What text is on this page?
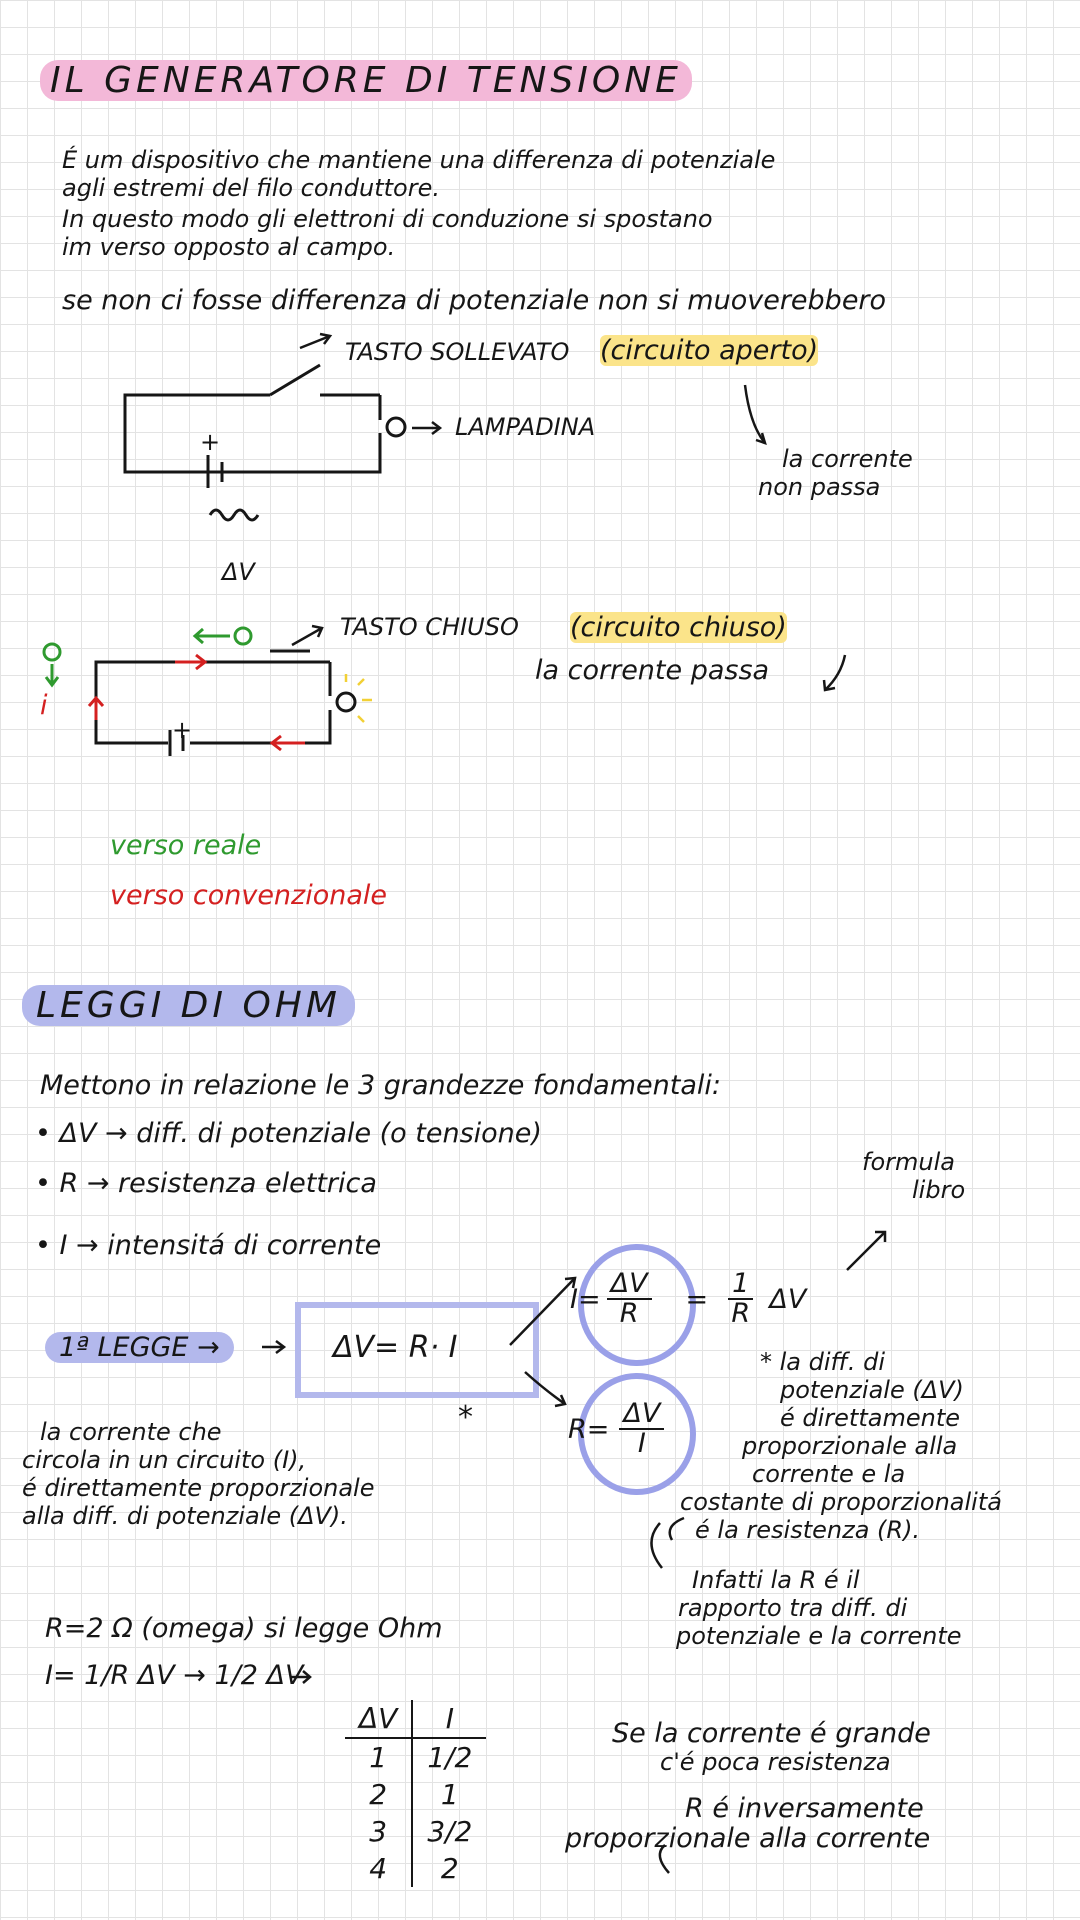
IL GENERATORE DI TENSIONE
É um dispositivo che mantiene una differenza di potenziale
agli estremi del filo conduttore.
In questo modo gli elettroni di conduzione si spostano
im verso opposto al campo.
se non ci fosse differenza di potenziale non si muoverebbero
TASTO SOLLEVATO (circuito aperto)
LAMPADINA
la corrente
non passa
+
ΔV
TASTO CHIUSO (circuito chiuso)
la corrente passa
+
i
verso reale
verso convenzionale
LEGGI DI OHM
Mettono in relazione le 3 grandezze fondamentali:
• ΔV → diff. di potenziale (o tensione)
• R → resistenza elettrica
• I → intensitá di corrente
formula
libro
1ª LEGGE →	ΔV= R· I
$I= \frac{\Delta V}{R} = \frac{1}{R}$ ΔV
$R= \frac{\Delta V}{I}$
*
la corrente che
circola in un circuito (I),
é direttamente proporzionale
alla diff. di potenziale (ΔV).
* la diff. di
potenziale (ΔV)
é direttamente
proporzionale alla
corrente e la
costante di proporzionalitá
é la resistenza (R).
Infatti la R é il
rapporto tra diff. di
potenziale e la corrente
R=2 Ω (omega) si legge Ohm
I= 1/R ΔV → 1/2 ΔV
ΔV	I
1	1/2
2	1
3	3/2
4	2
Se la corrente é grande
c'é poca resistenza
R é inversamente
proporzionale alla corrente
